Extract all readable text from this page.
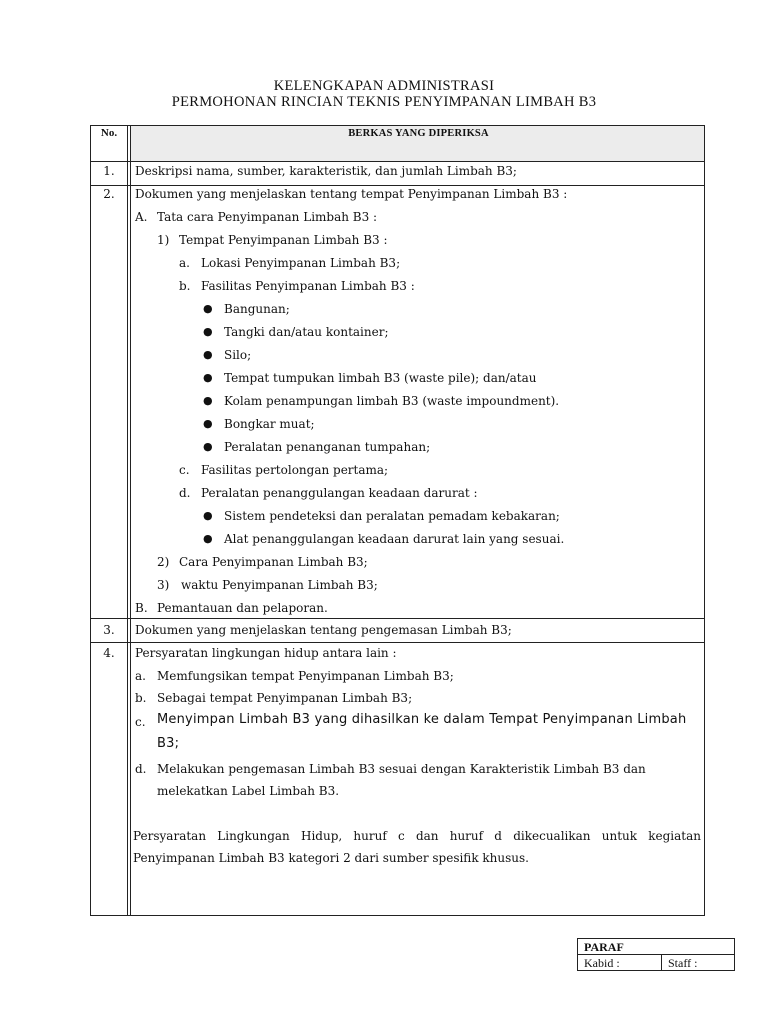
KELENGKAPAN ADMINISTRASI
PERMOHONAN RINCIAN TEKNIS PENYIMPANAN LIMBAH B3
No.	BERKAS YANG DIPERIKSA
1.	Deskripsi nama, sumber, karakteristik, dan jumlah Limbah B3;
2.	Dokumen yang menjelaskan tentang tempat Penyimpanan Limbah B3 :
A. Tata cara Penyimpanan Limbah B3 :
1) Tempat Penyimpanan Limbah B3 :
a. Lokasi Penyimpanan Limbah B3;
b. Fasilitas Penyimpanan Limbah B3 :
● Bangunan;
● Tangki dan/atau kontainer;
● Silo;
● Tempat tumpukan limbah B3 (waste pile); dan/atau
● Kolam penampungan limbah B3 (waste impoundment).
● Bongkar muat;
● Peralatan penanganan tumpahan;
c. Fasilitas pertolongan pertama;
d. Peralatan penanggulangan keadaan darurat :
● Sistem pendeteksi dan peralatan pemadam kebakaran;
● Alat penanggulangan keadaan darurat lain yang sesuai.
2) Cara Penyimpanan Limbah B3;
3) waktu Penyimpanan Limbah B3;
B. Pemantauan dan pelaporan.
3.	Dokumen yang menjelaskan tentang pengemasan Limbah B3;
4.	Persyaratan lingkungan hidup antara lain :
a. Memfungsikan tempat Penyimpanan Limbah B3;
b. Sebagai tempat Penyimpanan Limbah B3;
c. Menyimpan Limbah B3 yang dihasilkan ke dalam Tempat Penyimpanan Limbah
B3;
d. Melakukan pengemasan Limbah B3 sesuai dengan Karakteristik Limbah B3 dan
melekatkan Label Limbah B3.
Persyaratan Lingkungan Hidup, huruf c dan huruf d dikecualikan untuk kegiatan
Penyimpanan Limbah B3 kategori 2 dari sumber spesifik khusus.
PARAF
Kabid :	Staff :
